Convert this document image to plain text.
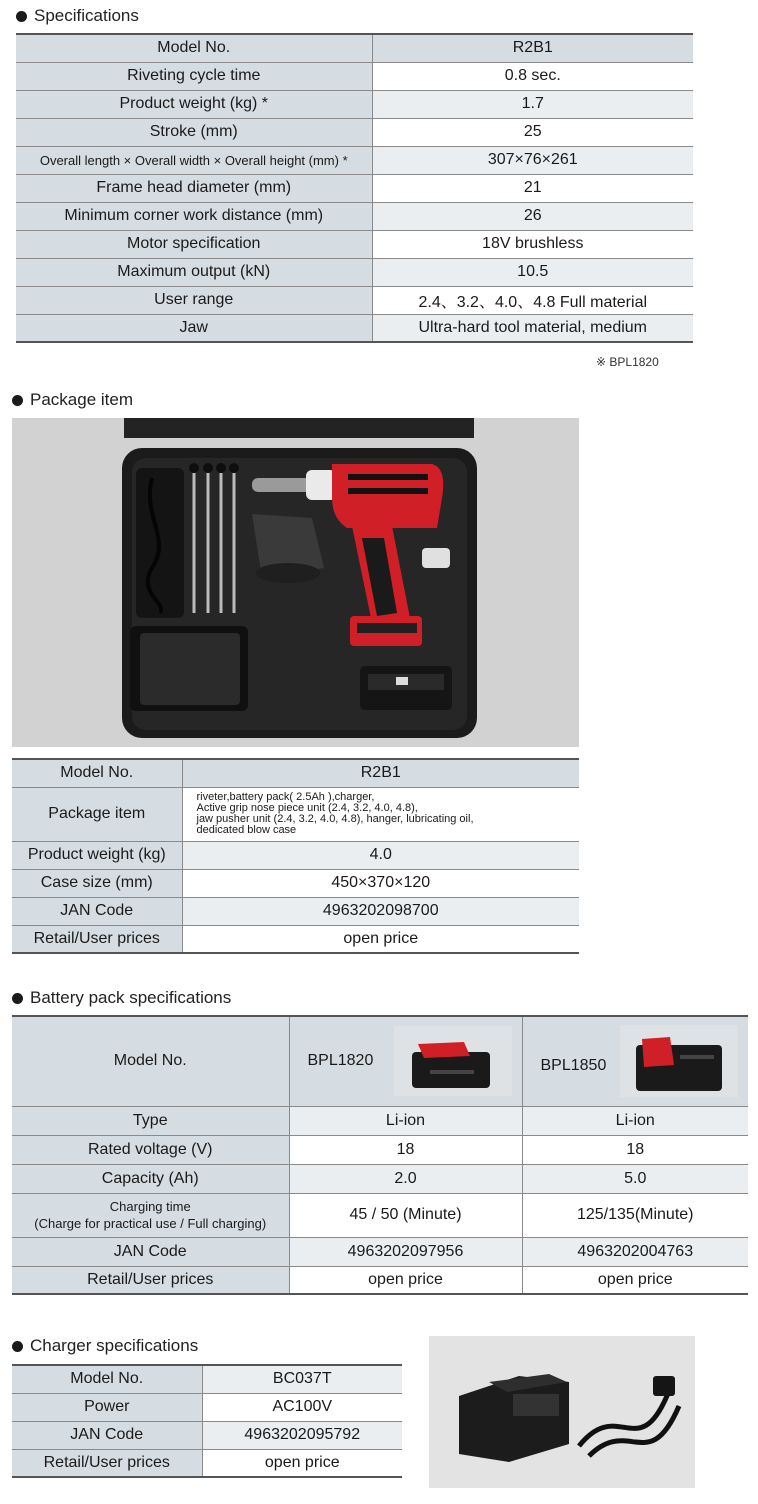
Specifications
Model No.	R2B1
Riveting cycle time	0.8 sec.
Product weight (kg) *	1.7
Stroke (mm)	25
Overall length × Overall width × Overall height (mm) *	307×76×261
Frame head diameter (mm)	21
Minimum corner work distance (mm)	26
Motor specification	18V brushless
Maximum output (kN)	10.5
User range	2.4、3.2、4.0、4.8 Full material
Jaw	Ultra-hard tool material, medium
※ BPL1820
Package item
Model No.	R2B1
Package item	riveter,battery pack( 2.5Ah ),charger,
Active grip nose piece unit (2.4, 3.2, 4.0, 4.8),
jaw pusher unit (2.4, 3.2, 4.0, 4.8), hanger, lubricating oil,
dedicated blow case
Product weight (kg)	4.0
Case size (mm)	450×370×120
JAN Code	4963202098700
Retail/User prices	open price
Battery pack specifications
Model No.	BPL1820	BPL1850

Type	Li-ion	Li-ion
Rated voltage (V)	18	18
Capacity (Ah)	2.0	5.0
Charging time
(Charge for practical use / Full charging)	45 / 50 (Minute)	125/135(Minute)
JAN Code	4963202097956	4963202004763
Retail/User prices	open price	open price
Charger specifications
Model No.	BC037T
Power	AC100V
JAN Code	4963202095792
Retail/User prices	open price
